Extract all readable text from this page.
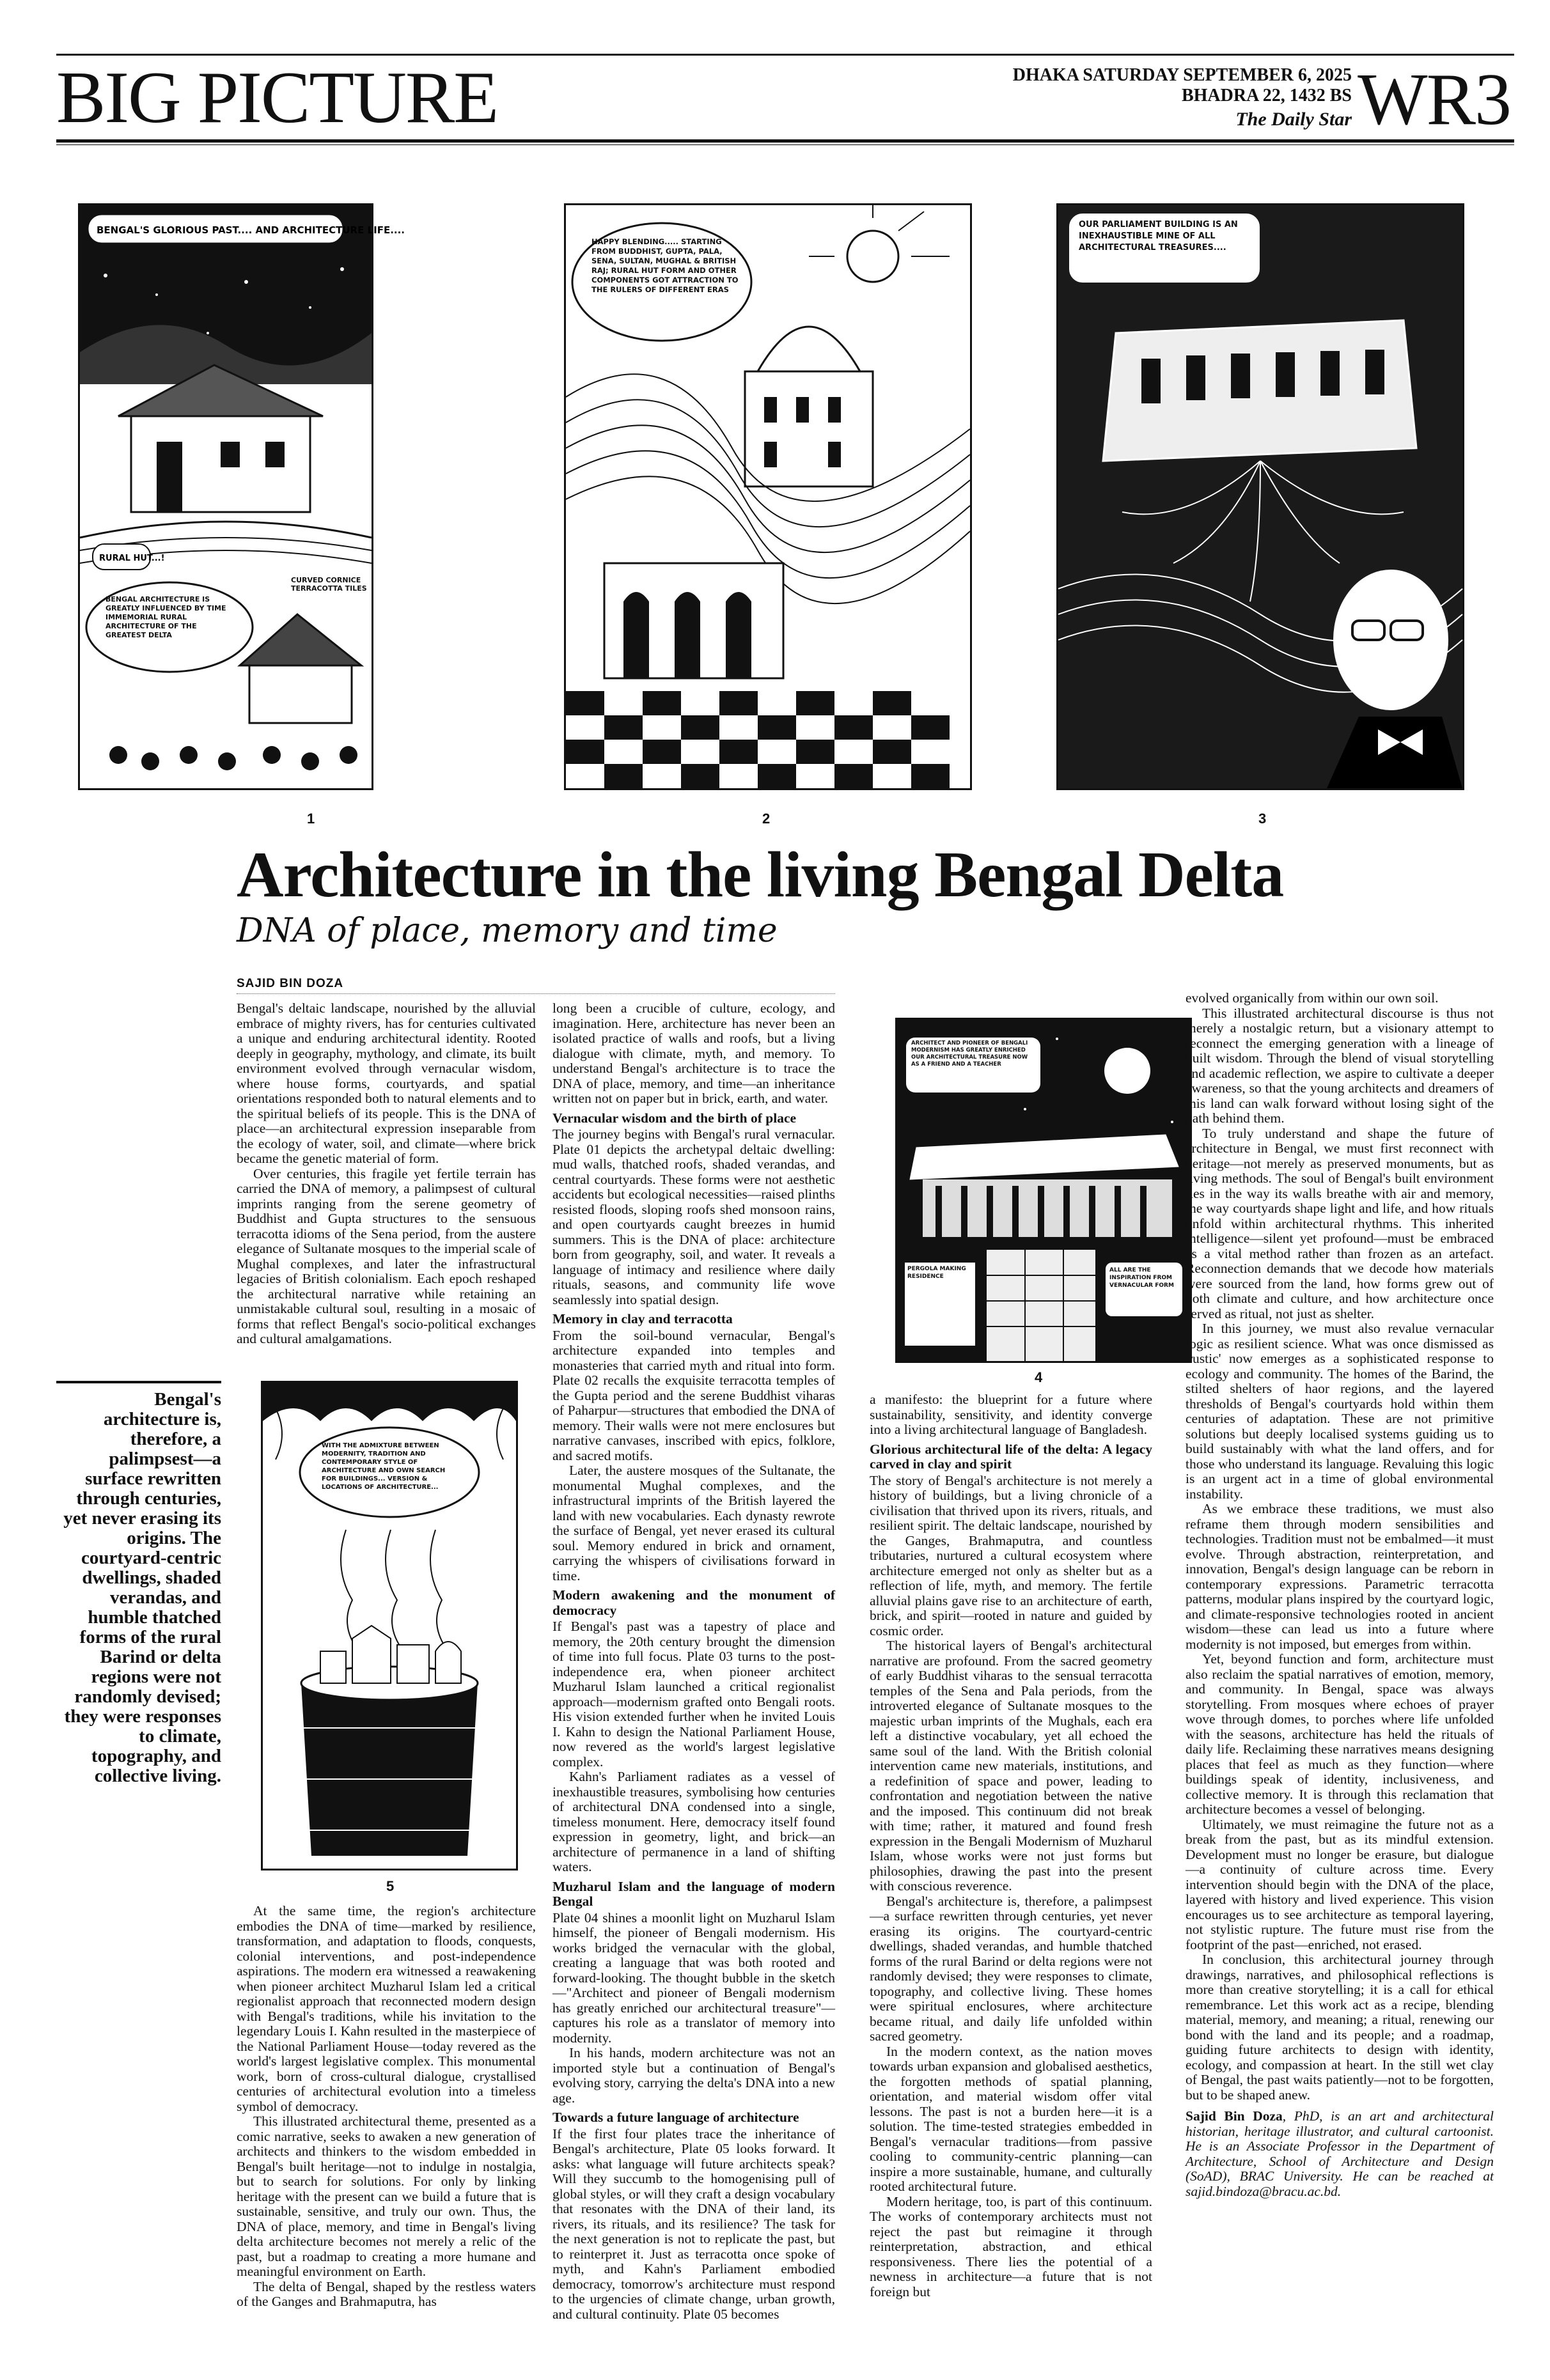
BIG PICTURE	DHAKA SATURDAY SEPTEMBER 6, 2025
BHADRA 22, 1432 BS
The Daily Star WR3
BENGAL'S GLORIOUS PAST.... AND ARCHITECTURE LIFE....
RURAL HUT...!
BENGAL ARCHITECTURE IS GREATLY INFLUENCED BY TIME IMMEMORIAL RURAL ARCHITECTURE OF THE GREATEST DELTA
CURVED CORNICE TERRACOTTA TILES
1
HAPPY BLENDING..... STARTING FROM BUDDHIST, GUPTA, PALA, SENA, SULTAN, MUGHAL & BRITISH RAJ; RURAL HUT FORM AND OTHER COMPONENTS GOT ATTRACTION TO THE RULERS OF DIFFERENT ERAS
2
OUR PARLIAMENT BUILDING IS AN INEXHAUSTIBLE MINE OF ALL ARCHITECTURAL TREASURES....
3
Architecture in the living Bengal Delta
DNA of place, memory and time
SAJID BIN DOZA
Bengal's architecture is, therefore, a palimpsest—a surface rewritten through centuries, yet never erasing its origins. The courtyard-centric dwellings, shaded verandas, and humble thatched forms of the rural Barind or delta regions were not randomly devised; they were responses to climate, topography, and collective living.

Bengal's deltaic landscape, nourished by the alluvial embrace of mighty rivers, has for centuries cultivated a unique and enduring architectural identity. Rooted deeply in geography, mythology, and climate, its built environment evolved through vernacular wisdom, where house forms, courtyards, and spatial orientations responded both to natural elements and to the spiritual beliefs of its people. This is the DNA of place—an architectural expression inseparable from the ecology of water, soil, and climate—where brick became the genetic material of form.

Over centuries, this fragile yet fertile terrain has carried the DNA of memory, a palimpsest of cultural imprints ranging from the serene geometry of Buddhist and Gupta structures to the sensuous terracotta idioms of the Sena period, from the austere elegance of Sultanate mosques to the imperial scale of Mughal complexes, and later the infrastructural legacies of British colonialism. Each epoch reshaped the architectural narrative while retaining an unmistakable cultural soul, resulting in a mosaic of forms that reflect Bengal's socio-political exchanges and cultural amalgamations.

WITH THE ADMIXTURE BETWEEN MODERNITY, TRADITION AND CONTEMPORARY STYLE OF ARCHITECTURE AND OWN SEARCH FOR BUILDINGS... VERSION & LOCATIONS OF ARCHITECTURE...
5

At the same time, the region's architecture embodies the DNA of time—marked by resilience, transformation, and adaptation to floods, conquests, colonial interventions, and post-independence aspirations. The modern era witnessed a reawakening when pioneer architect Muzharul Islam led a critical regionalist approach that reconnected modern design with Bengal's traditions, while his invitation to the legendary Louis I. Kahn resulted in the masterpiece of the National Parliament House—today revered as the world's largest legislative complex. This monumental work, born of cross-cultural dialogue, crystallised centuries of architectural evolution into a timeless symbol of democracy.

This illustrated architectural theme, presented as a comic narrative, seeks to awaken a new generation of architects and thinkers to the wisdom embedded in Bengal's built heritage—not to indulge in nostalgia, but to search for solutions. For only by linking heritage with the present can we build a future that is sustainable, sensitive, and truly our own. Thus, the DNA of place, memory, and time in Bengal's living delta architecture becomes not merely a relic of the past, but a roadmap to creating a more humane and meaningful environment on Earth.

The delta of Bengal, shaped by the restless waters of the Ganges and Brahmaputra, has

long been a crucible of culture, ecology, and imagination. Here, architecture has never been an isolated practice of walls and roofs, but a living dialogue with climate, myth, and memory. To understand Bengal's architecture is to trace the DNA of place, memory, and time—an inheritance written not on paper but in brick, earth, and water.

Vernacular wisdom and the birth of place

The journey begins with Bengal's rural vernacular. Plate 01 depicts the archetypal deltaic dwelling: mud walls, thatched roofs, shaded verandas, and central courtyards. These forms were not aesthetic accidents but ecological necessities—raised plinths resisted floods, sloping roofs shed monsoon rains, and open courtyards caught breezes in humid summers. This is the DNA of place: architecture born from geography, soil, and water. It reveals a language of intimacy and resilience where daily rituals, seasons, and community life wove seamlessly into spatial design.

Memory in clay and terracotta

From the soil-bound vernacular, Bengal's architecture expanded into temples and monasteries that carried myth and ritual into form. Plate 02 recalls the exquisite terracotta temples of the Gupta period and the serene Buddhist viharas of Paharpur—structures that embodied the DNA of memory. Their walls were not mere enclosures but narrative canvases, inscribed with epics, folklore, and sacred motifs.

Later, the austere mosques of the Sultanate, the monumental Mughal complexes, and the infrastructural imprints of the British layered the land with new vocabularies. Each dynasty rewrote the surface of Bengal, yet never erased its cultural soul. Memory endured in brick and ornament, carrying the whispers of civilisations forward in time.

Modern awakening and the monument of democracy

If Bengal's past was a tapestry of place and memory, the 20th century brought the dimension of time into full focus. Plate 03 turns to the post-independence era, when pioneer architect Muzharul Islam launched a critical regionalist approach—modernism grafted onto Bengali roots. His vision extended further when he invited Louis I. Kahn to design the National Parliament House, now revered as the world's largest legislative complex.

Kahn's Parliament radiates as a vessel of inexhaustible treasures, symbolising how centuries of architectural DNA condensed into a single, timeless monument. Here, democracy itself found expression in geometry, light, and brick—an architecture of permanence in a land of shifting waters.

Muzharul Islam and the language of modern Bengal

Plate 04 shines a moonlit light on Muzharul Islam himself, the pioneer of Bengali modernism. His works bridged the vernacular with the global, creating a language that was both rooted and forward-looking. The thought bubble in the sketch—"Architect and pioneer of Bengali modernism has greatly enriched our architectural treasure"—captures his role as a translator of memory into modernity.

In his hands, modern architecture was not an imported style but a continuation of Bengal's evolving story, carrying the delta's DNA into a new age.

Towards a future language of architecture

If the first four plates trace the inheritance of Bengal's architecture, Plate 05 looks forward. It asks: what language will future architects speak? Will they succumb to the homogenising pull of global styles, or will they craft a design vocabulary that resonates with the DNA of their land, its rivers, its rituals, and its resilience? The task for the next generation is not to replicate the past, but to reinterpret it. Just as terracotta once spoke of myth, and Kahn's Parliament embodied democracy, tomorrow's architecture must respond to the urgencies of climate change, urban growth, and cultural continuity. Plate 05 becomes

ARCHITECT AND PIONEER OF BENGALI MODERNISM HAS GREATLY ENRICHED OUR ARCHITECTURAL TREASURE NOW AS A FRIEND AND A TEACHER
PERGOLA MAKING RESIDENCE
ALL ARE THE INSPIRATION FROM VERNACULAR FORM
4

a manifesto: the blueprint for a future where sustainability, sensitivity, and identity converge into a living architectural language of Bangladesh.

Glorious architectural life of the delta: A legacy carved in clay and spirit

The story of Bengal's architecture is not merely a history of buildings, but a living chronicle of a civilisation that thrived upon its rivers, rituals, and resilient spirit. The deltaic landscape, nourished by the Ganges, Brahmaputra, and countless tributaries, nurtured a cultural ecosystem where architecture emerged not only as shelter but as a reflection of life, myth, and memory. The fertile alluvial plains gave rise to an architecture of earth, brick, and spirit—rooted in nature and guided by cosmic order.

The historical layers of Bengal's architectural narrative are profound. From the sacred geometry of early Buddhist viharas to the sensual terracotta temples of the Sena and Pala periods, from the introverted elegance of Sultanate mosques to the majestic urban imprints of the Mughals, each era left a distinctive vocabulary, yet all echoed the same soul of the land. With the British colonial intervention came new materials, institutions, and a redefinition of space and power, leading to confrontation and negotiation between the native and the imposed. This continuum did not break with time; rather, it matured and found fresh expression in the Bengali Modernism of Muzharul Islam, whose works were not just forms but philosophies, drawing the past into the present with conscious reverence.

Bengal's architecture is, therefore, a palimpsest—a surface rewritten through centuries, yet never erasing its origins. The courtyard-centric dwellings, shaded verandas, and humble thatched forms of the rural Barind or delta regions were not randomly devised; they were responses to climate, topography, and collective living. These homes were spiritual enclosures, where architecture became ritual, and daily life unfolded within sacred geometry.

In the modern context, as the nation moves towards urban expansion and globalised aesthetics, the forgotten methods of spatial planning, orientation, and material wisdom offer vital lessons. The past is not a burden here—it is a solution. The time-tested strategies embedded in Bengal's vernacular traditions—from passive cooling to community-centric planning—can inspire a more sustainable, humane, and culturally rooted architectural future.

Modern heritage, too, is part of this continuum. The works of contemporary architects must not reject the past but reimagine it through reinterpretation, abstraction, and ethical responsiveness. There lies the potential of a newness in architecture—a future that is not foreign but

evolved organically from within our own soil.

This illustrated architectural discourse is thus not merely a nostalgic return, but a visionary attempt to reconnect the emerging generation with a lineage of built wisdom. Through the blend of visual storytelling and academic reflection, we aspire to cultivate a deeper awareness, so that the young architects and dreamers of this land can walk forward without losing sight of the path behind them.

To truly understand and shape the future of architecture in Bengal, we must first reconnect with heritage—not merely as preserved monuments, but as living methods. The soul of Bengal's built environment lies in the way its walls breathe with air and memory, the way courtyards shape light and life, and how rituals unfold within architectural rhythms. This inherited intelligence—silent yet profound—must be embraced as a vital method rather than frozen as an artefact. Reconnection demands that we decode how materials were sourced from the land, how forms grew out of both climate and culture, and how architecture once served as ritual, not just as shelter.

In this journey, we must also revalue vernacular logic as resilient science. What was once dismissed as 'rustic' now emerges as a sophisticated response to ecology and community. The homes of the Barind, the stilted shelters of haor regions, and the layered thresholds of Bengal's courtyards hold within them centuries of adaptation. These are not primitive solutions but deeply localised systems guiding us to build sustainably with what the land offers, and for those who understand its language. Revaluing this logic is an urgent act in a time of global environmental instability.

As we embrace these traditions, we must also reframe them through modern sensibilities and technologies. Tradition must not be embalmed—it must evolve. Through abstraction, reinterpretation, and innovation, Bengal's design language can be reborn in contemporary expressions. Parametric terracotta patterns, modular plans inspired by the courtyard logic, and climate-responsive technologies rooted in ancient wisdom—these can lead us into a future where modernity is not imposed, but emerges from within.

Yet, beyond function and form, architecture must also reclaim the spatial narratives of emotion, memory, and community. In Bengal, space was always storytelling. From mosques where echoes of prayer wove through domes, to porches where life unfolded with the seasons, architecture has held the rituals of daily life. Reclaiming these narratives means designing places that feel as much as they function—where buildings speak of identity, inclusiveness, and collective memory. It is through this reclamation that architecture becomes a vessel of belonging.

Ultimately, we must reimagine the future not as a break from the past, but as its mindful extension. Development must no longer be erasure, but dialogue—a continuity of culture across time. Every intervention should begin with the DNA of the place, layered with history and lived experience. This vision encourages us to see architecture as temporal layering, not stylistic rupture. The future must rise from the footprint of the past—enriched, not erased.

In conclusion, this architectural journey through drawings, narratives, and philosophical reflections is more than creative storytelling; it is a call for ethical remembrance. Let this work act as a recipe, blending material, memory, and meaning; a ritual, renewing our bond with the land and its people; and a roadmap, guiding future architects to design with identity, ecology, and compassion at heart. In the still wet clay of Bengal, the past waits patiently—not to be forgotten, but to be shaped anew.

Sajid Bin Doza, PhD, is an art and architectural historian, heritage illustrator, and cultural cartoonist. He is an Associate Professor in the Department of Architecture, School of Architecture and Design (SoAD), BRAC University. He can be reached at sajid.bindoza@bracu.ac.bd.
